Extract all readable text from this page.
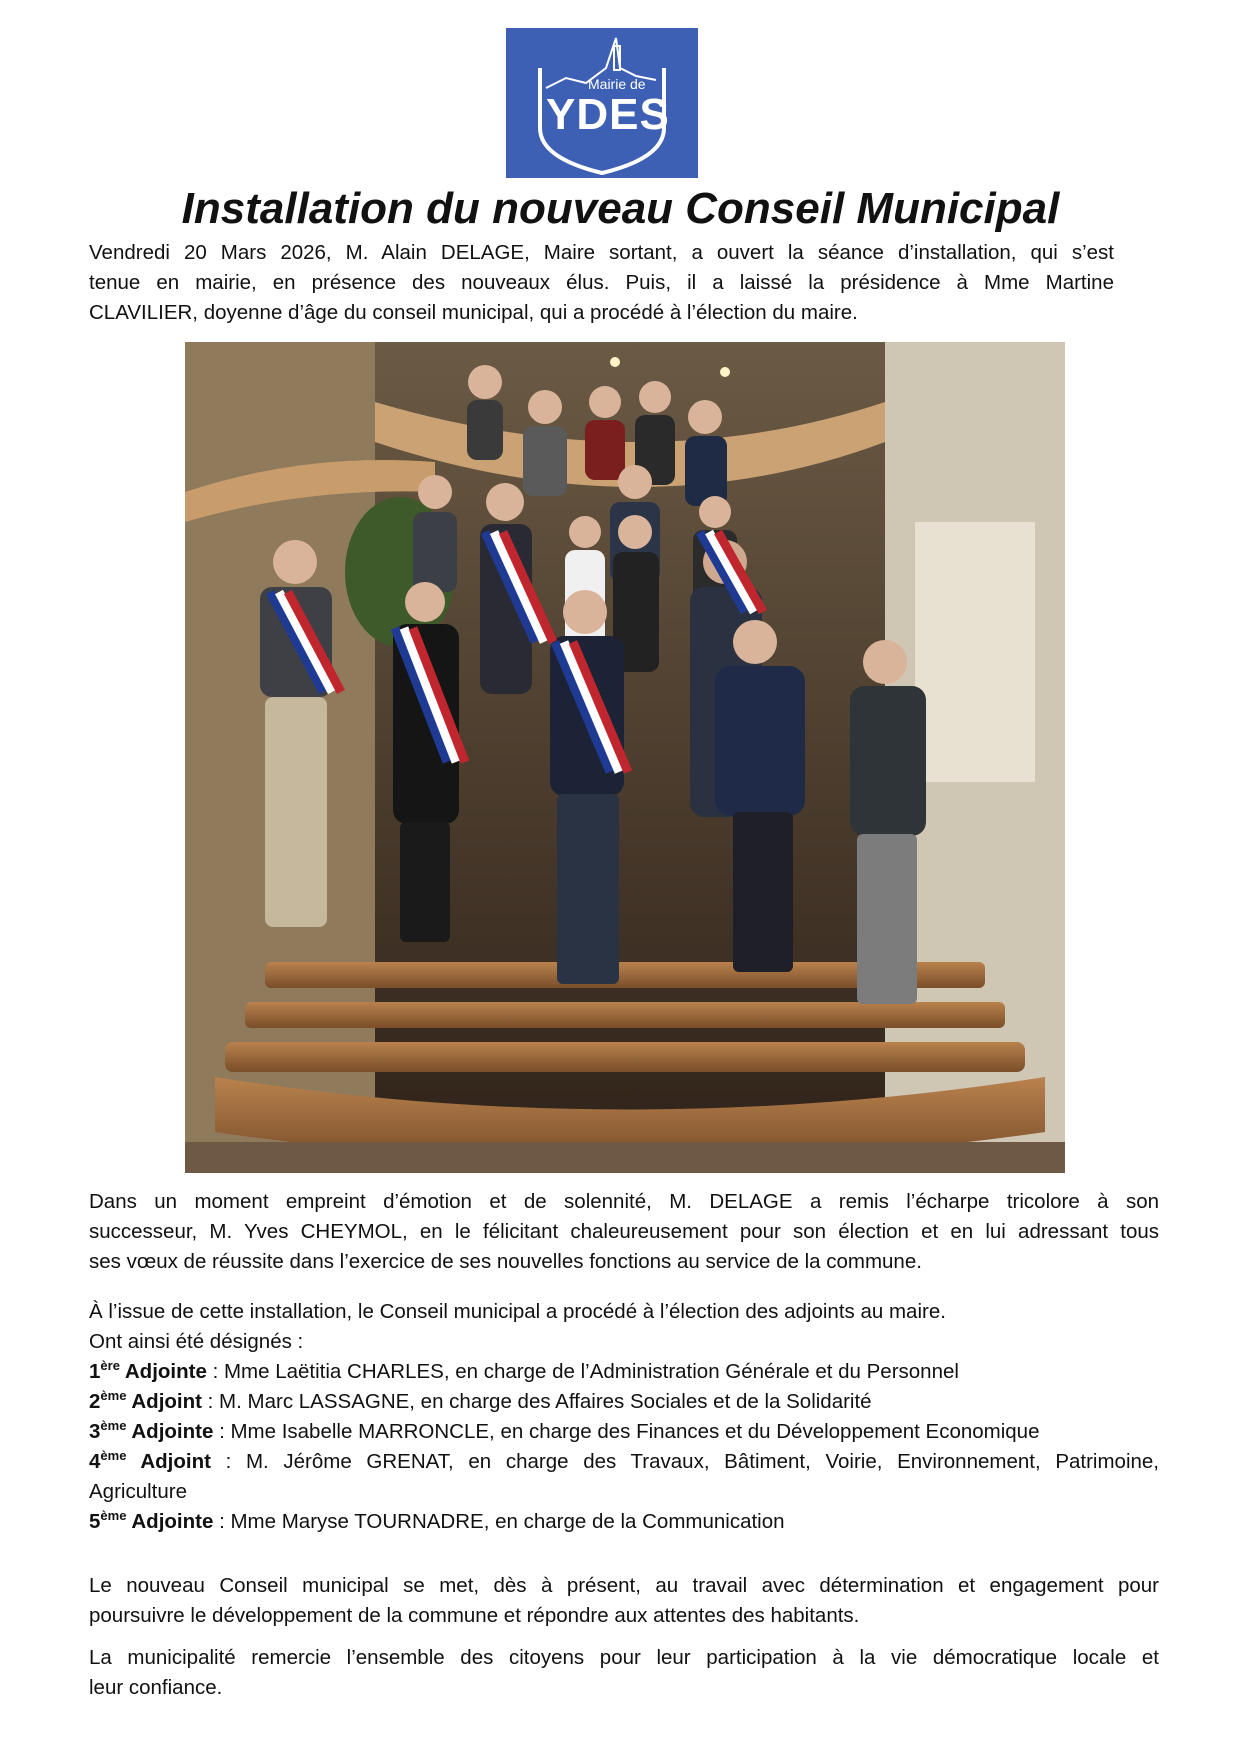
Mairie de
YDES
Installation du nouveau Conseil Municipal
Vendredi 20 Mars 2026, M. Alain DELAGE, Maire sortant, a ouvert la séance d’installation, qui s’est
tenue en mairie, en présence des nouveaux élus. Puis, il a laissé la présidence à Mme Martine
CLAVILIER, doyenne d’âge du conseil municipal, qui a procédé à l’élection du maire.
Dans un moment empreint d’émotion et de solennité, M. DELAGE a remis l’écharpe tricolore à son
successeur, M. Yves CHEYMOL, en le félicitant chaleureusement pour son élection et en lui adressant tous
ses vœux de réussite dans l’exercice de ses nouvelles fonctions au service de la commune.
À l’issue de cette installation, le Conseil municipal a procédé à l’élection des adjoints au maire.
Ont ainsi été désignés :
1ère Adjointe : Mme Laëtitia CHARLES, en charge de l’Administration Générale et du Personnel
2ème Adjoint : M. Marc LASSAGNE, en charge des Affaires Sociales et de la Solidarité
3ème Adjointe : Mme Isabelle MARRONCLE, en charge des Finances et du Développement Economique
4ème Adjoint : M. Jérôme GRENAT, en charge des Travaux, Bâtiment, Voirie, Environnement, Patrimoine,
Agriculture
5ème Adjointe : Mme Maryse TOURNADRE, en charge de la Communication
Le nouveau Conseil municipal se met, dès à présent, au travail avec détermination et engagement pour
poursuivre le développement de la commune et répondre aux attentes des habitants.
La municipalité remercie l’ensemble des citoyens pour leur participation à la vie démocratique locale et
leur confiance.
